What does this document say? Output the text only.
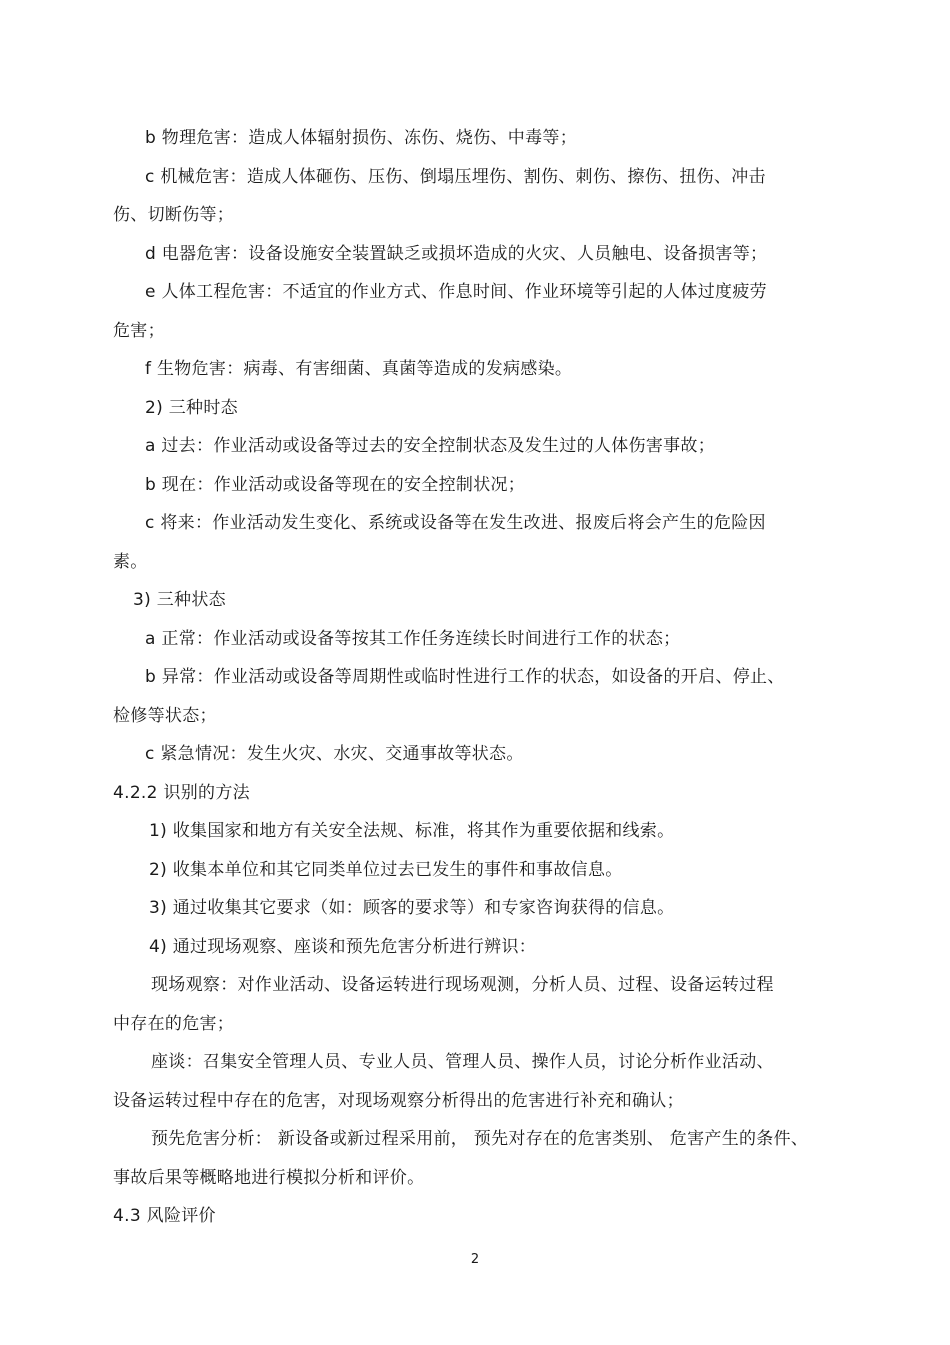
b 物理危害：造成人体辐射损伤、冻伤、烧伤、中毒等；
c 机械危害：造成人体砸伤、压伤、倒塌压埋伤、割伤、刺伤、擦伤、扭伤、冲击
伤、切断伤等；
d 电器危害：设备设施安全装置缺乏或损坏造成的火灾、人员触电、设备损害等；
e 人体工程危害：不适宜的作业方式、作息时间、作业环境等引起的人体过度疲劳
危害；
f 生物危害：病毒、有害细菌、真菌等造成的发病感染。
2) 三种时态
a 过去：作业活动或设备等过去的安全控制状态及发生过的人体伤害事故；
b 现在：作业活动或设备等现在的安全控制状况；
c 将来：作业活动发生变化、系统或设备等在发生改进、报废后将会产生的危险因
素。
3) 三种状态
a 正常：作业活动或设备等按其工作任务连续长时间进行工作的状态；
b 异常：作业活动或设备等周期性或临时性进行工作的状态，如设备的开启、停止、
检修等状态；
c 紧急情况：发生火灾、水灾、交通事故等状态。
4.2.2 识别的方法
1) 收集国家和地方有关安全法规、标准，将其作为重要依据和线索。
2) 收集本单位和其它同类单位过去已发生的事件和事故信息。
3) 通过收集其它要求（如：顾客的要求等）和专家咨询获得的信息。
4) 通过现场观察、座谈和预先危害分析进行辨识：
现场观察：对作业活动、设备运转进行现场观测，分析人员、过程、设备运转过程
中存在的危害；
座谈：召集安全管理人员、专业人员、管理人员、操作人员，讨论分析作业活动、
设备运转过程中存在的危害，对现场观察分析得出的危害进行补充和确认；
预先危害分析： 新设备或新过程采用前， 预先对存在的危害类别、 危害产生的条件、
事故后果等概略地进行模拟分析和评价。
4.3 风险评价
2
